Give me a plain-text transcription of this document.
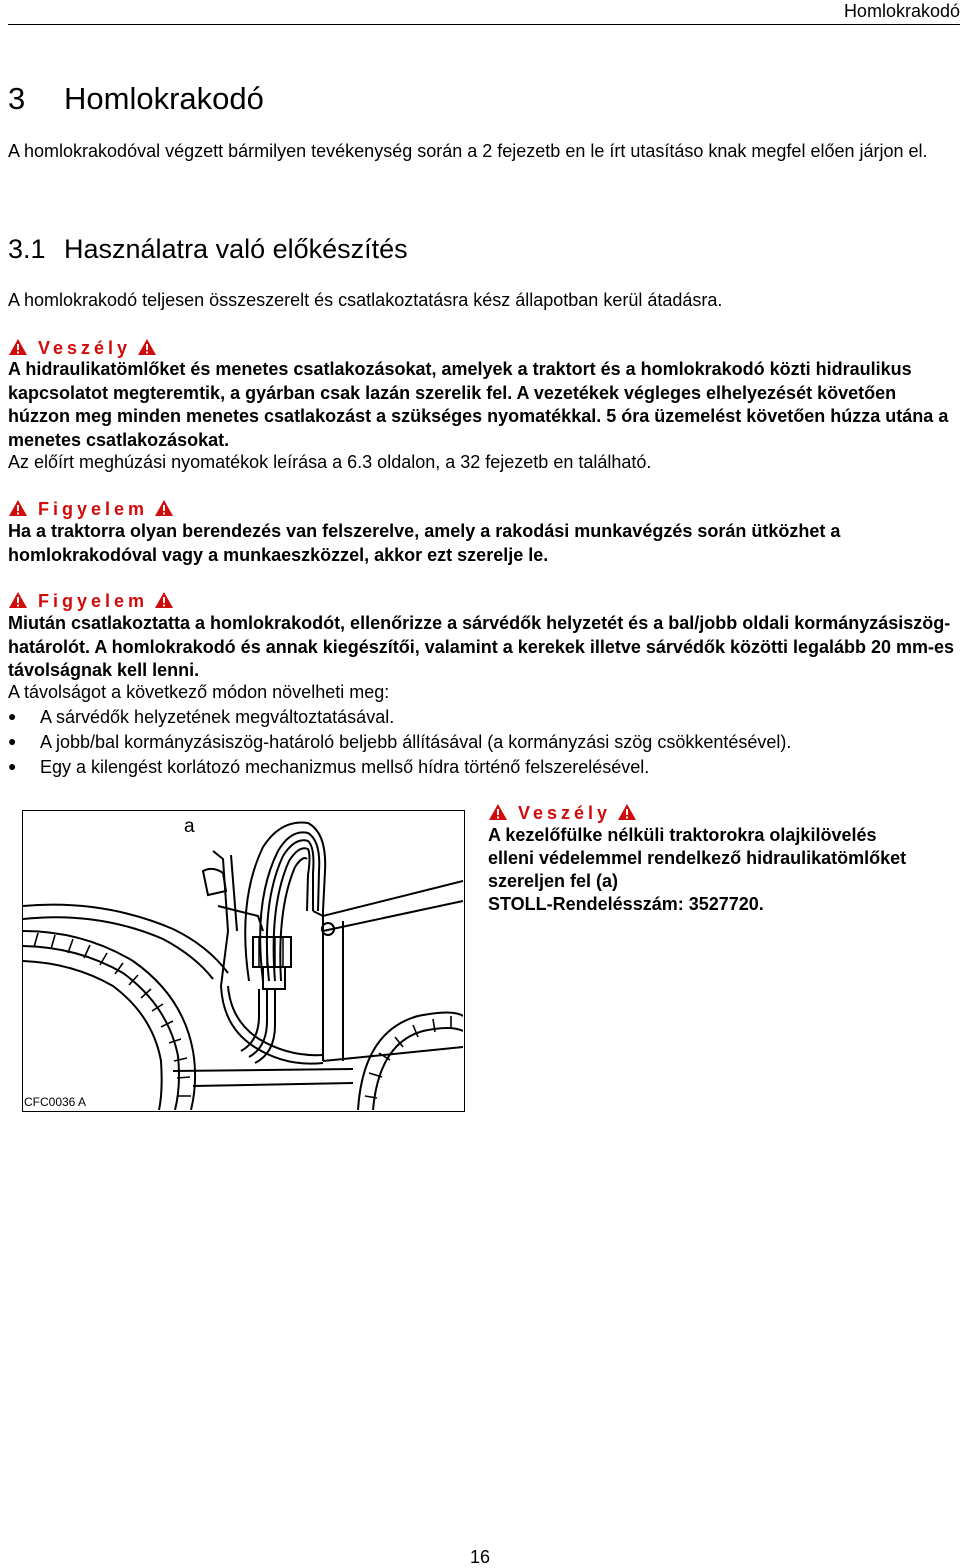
Homlokrakodó
3 Homlokrakodó
A homlokrakodóval végzett bármilyen tevékenység során a 2 fejezetb en le írt utasításo knak megfel elően járjon el.
3.1 Használatra való előkészítés
A homlokrakodó teljesen összeszerelt és csatlakoztatásra kész állapotban kerül átadásra.
Veszély
A hidraulikatömlőket és menetes csatlakozásokat, amelyek a traktort és a homlokrakodó közti hidraulikus kapcsolatot megteremtik, a gyárban csak lazán szerelik fel. A vezetékek végleges elhelyezését követően húzzon meg minden menetes csatlakozást a szükséges nyomatékkal. 5 óra üzemelést követően húzza utána a menetes csatlakozásokat.
Az előírt meghúzási nyomatékok leírása a 6.3 oldalon, a 32 fejezetb en található.
Figyelem
Ha a traktorra olyan berendezés van felszerelve, amely a rakodási munkavégzés során ütközhet a homlokrakodóval vagy a munkaeszközzel, akkor ezt szerelje le.
Figyelem
Miután csatlakoztatta a homlokrakodót, ellenőrizze a sárvédők helyzetét és a bal/jobb oldali kormányzásiszög-határolót. A homlokrakodó és annak kiegészítői, valamint a kerekek illetve sárvédők közötti legalább 20 mm-es távolságnak kell lenni.
A távolságot a következő módon növelheti meg:
● A sárvédők helyzetének megváltoztatásával.
● A jobb/bal kormányzásiszög-határoló beljebb állításával (a kormányzási szög csökkentésével).
● Egy a kilengést korlátozó mechanizmus mellső hídra történő felszerelésével.
a
CFC0036 A
Veszély
A kezelőfülke nélküli traktorokra olajkilövelés
elleni védelemmel rendelkező hidraulikatömlőket
szereljen fel (a)
STOLL-Rendelésszám: 3527720.
16
